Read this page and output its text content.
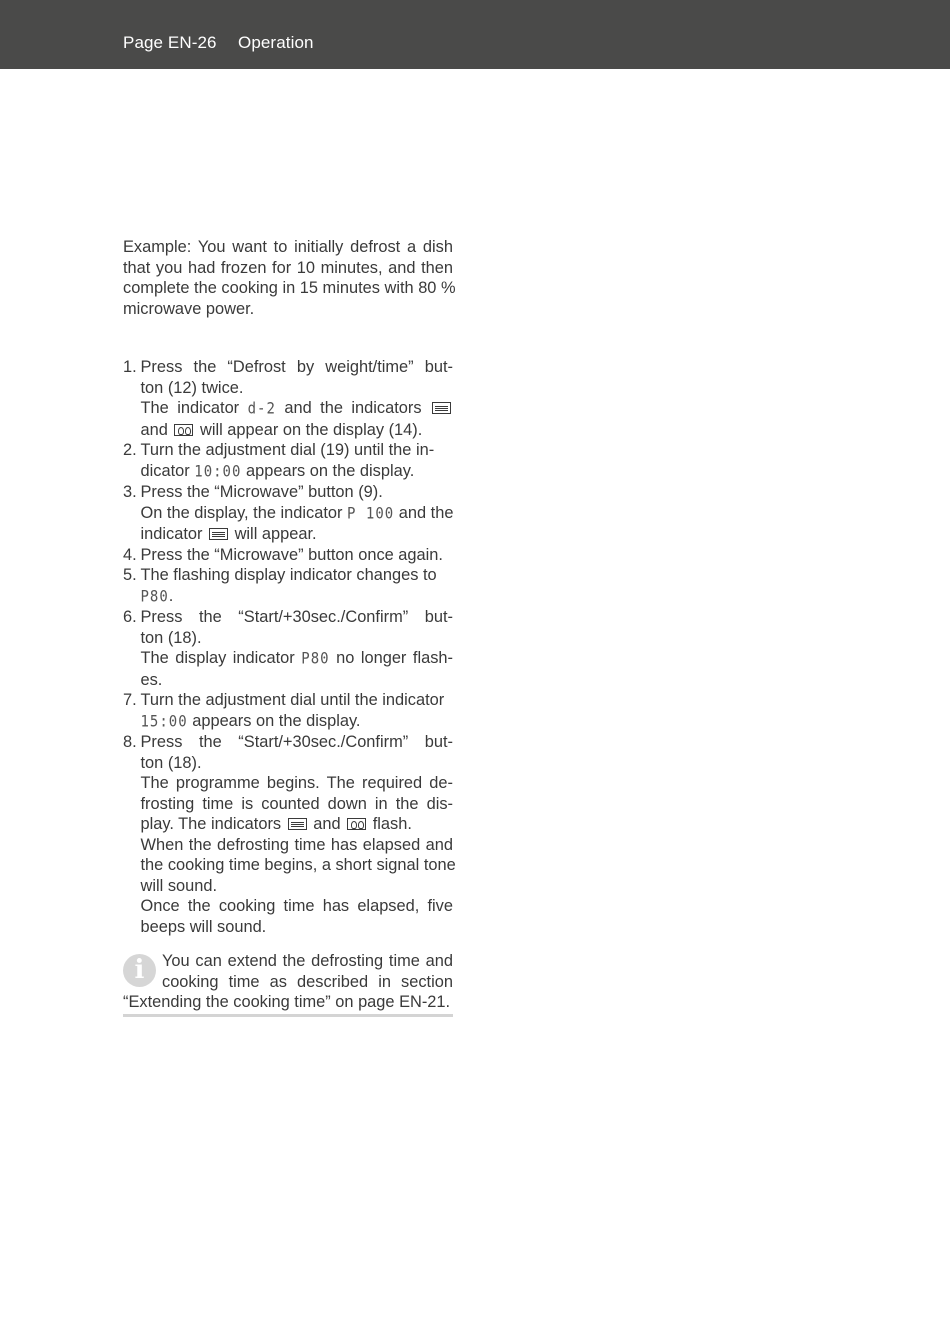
Page EN-26 Operation
Example: You want to initially defrost a dish
that you had frozen for 10 minutes, and then
complete the cooking in 15 minutes with 80 %
microwave power.
1. Press the “Defrost by weight/time” but-
ton (12) twice.
The indicator d-2 and the indicators
and will appear on the display (14).
2. Turn the adjustment dial (19) until the in-
dicator 10:00 appears on the display.
3. Press the “Microwave” button (9).
On the display, the indicator P 100 and the
indicator will appear.
4. Press the “Microwave” button once again.
5. The flashing display indicator changes to
P80.
6. Press the “Start/+30sec./Confirm” but-
ton (18).
The display indicator P80 no longer flash-
es.
7. Turn the adjustment dial until the indicator
15:00 appears on the display.
8. Press the “Start/+30sec./Confirm” but-
ton (18).
The programme begins. The required de-
frosting time is counted down in the dis-
play. The indicators and flash.
When the defrosting time has elapsed and
the cooking time begins, a short signal tone
will sound.
Once the cooking time has elapsed, five
beeps will sound.
i	You can extend the defrosting time and
cooking time as described in section
“Extending the cooking time” on page EN-21.
